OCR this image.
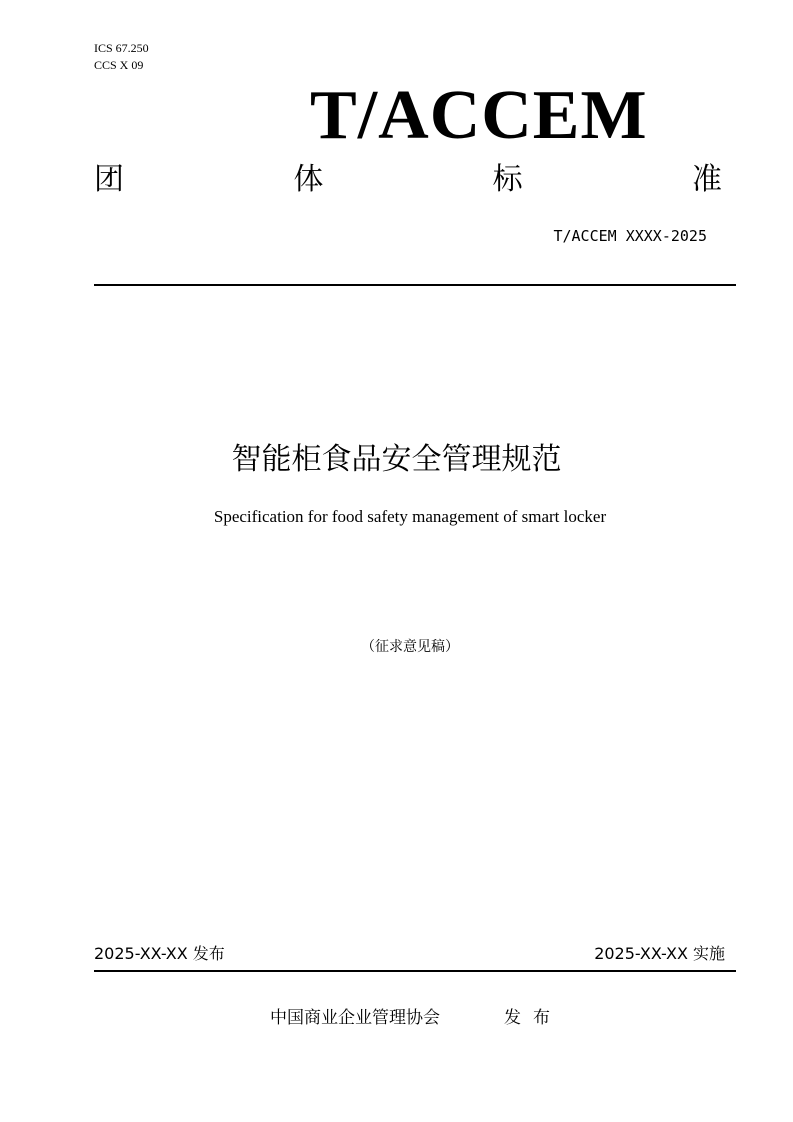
ICS 67.250
CCS X 09
T/ACCEM
团	体	标	准
T/ACCEM XXXX-2025
智能柜食品安全管理规范
Specification for food safety management of smart locker
（征求意见稿）
2025-XX-XX 发布	2025-XX-XX 实施
中国商业企业管理协会	发布
